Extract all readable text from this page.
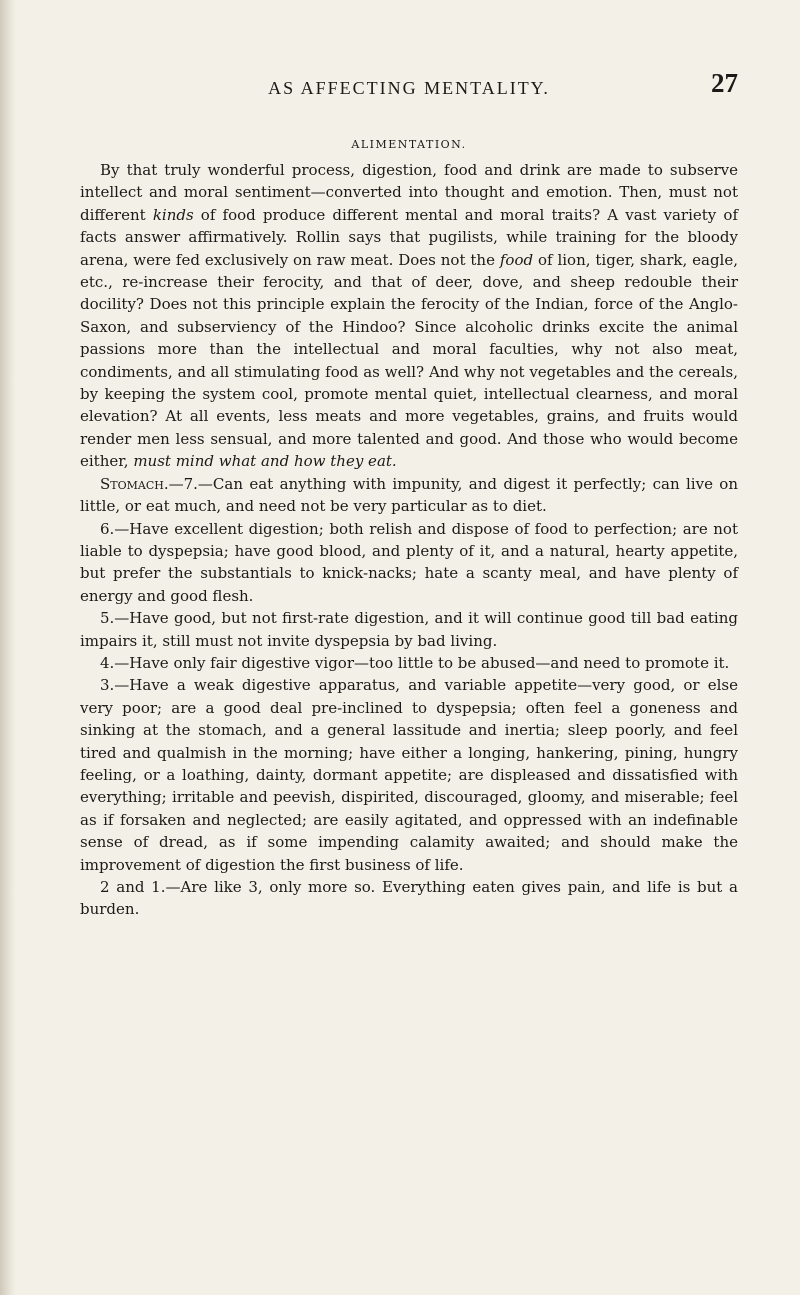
AS AFFECTING MENTALITY.	27
ALIMENTATION.

By that truly wonderful process, digestion, food and drink are made to subserve intellect and moral sentiment—converted into thought and emotion. Then, must not different kinds of food produce different mental and moral traits? A vast variety of facts answer affirmatively. Rollin says that pugilists, while training for the bloody arena, were fed exclusively on raw meat. Does not the food of lion, tiger, shark, eagle, etc., re-increase their ferocity, and that of deer, dove, and sheep redouble their docility? Does not this principle explain the ferocity of the Indian, force of the Anglo-Saxon, and subserviency of the Hindoo? Since alcoholic drinks excite the animal passions more than the intellectual and moral faculties, why not also meat, condiments, and all stimulating food as well? And why not vegetables and the cereals, by keeping the system cool, promote mental quiet, intellectual clearness, and moral elevation? At all events, less meats and more vegetables, grains, and fruits would render men less sensual, and more talented and good. And those who would become either, must mind what and how they eat.

Stomach.—7.—Can eat anything with impunity, and digest it perfectly; can live on little, or eat much, and need not be very particular as to diet.

6.—Have excellent digestion; both relish and dispose of food to perfection; are not liable to dyspepsia; have good blood, and plenty of it, and a natural, hearty appetite, but prefer the substantials to knick-nacks; hate a scanty meal, and have plenty of energy and good flesh.

5.—Have good, but not first-rate digestion, and it will continue good till bad eating impairs it, still must not invite dyspepsia by bad living.

4.—Have only fair digestive vigor—too little to be abused—and need to promote it.

3.—Have a weak digestive apparatus, and variable appetite—very good, or else very poor; are a good deal pre-inclined to dyspepsia; often feel a goneness and sinking at the stomach, and a general lassitude and inertia; sleep poorly, and feel tired and qualmish in the morning; have either a longing, hankering, pining, hungry feeling, or a loathing, dainty, dormant appetite; are displeased and dissatisfied with everything; irritable and peevish, dispirited, discouraged, gloomy, and miserable; feel as if forsaken and neglected; are easily agitated, and oppressed with an indefinable sense of dread, as if some impending calamity awaited; and should make the improvement of digestion the first business of life.

2 and 1.—Are like 3, only more so. Everything eaten gives pain, and life is but a burden.
